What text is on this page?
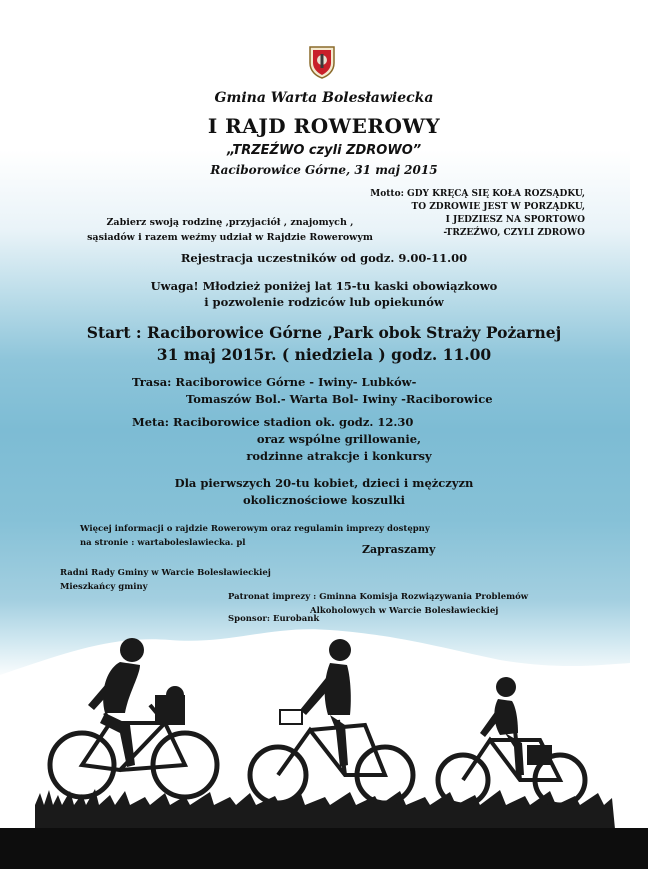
Gmina Warta Bolesławiecka
I RAJD ROWEROWY
„TRZEŹWO czyli ZDROWO”
Raciborowice Górne, 31 maj 2015
Motto: GDY KRĘCĄ SIĘ KOŁA ROZSĄDKU,
TO ZDROWIE JEST W PORZĄDKU,
I JEDZIESZ NA SPORTOWO
-TRZEŹWO, CZYLI ZDROWO
Zabierz swoją rodzinę ,przyjaciół , znajomych ,
sąsiadów i razem weźmy udział w Rajdzie Rowerowym
Rejestracja uczestników od godz. 9.00-11.00
Uwaga! Młodzież poniżej lat 15-tu kaski obowiązkowo
i pozwolenie rodziców lub opiekunów
Start : Raciborowice Górne ,Park obok Straży Pożarnej
31 maj 2015r. ( niedziela ) godz. 11.00
Trasa: Raciborowice Górne - Iwiny- Lubków-
Tomaszów Bol.- Warta Bol- Iwiny -Raciborowice
Meta: Raciborowice stadion ok. godz. 12.30
oraz wspólne grillowanie,
rodzinne atrakcje i konkursy
Dla pierwszych 20-tu kobiet, dzieci i mężczyzn
okolicznościowe koszulki
Więcej informacji o rajdzie Rowerowym oraz regulamin imprezy dostępny
na stronie : wartaboleslawiecka. pl	Zapraszamy
Radni Rady Gminy w Warcie Bolesławieckiej
Mieszkańcy gminy
Patronat imprezy : Gminna Komisja Rozwiązywania Problemów
Alkoholowych w Warcie Bolesławieckiej
Sponsor: Eurobank
